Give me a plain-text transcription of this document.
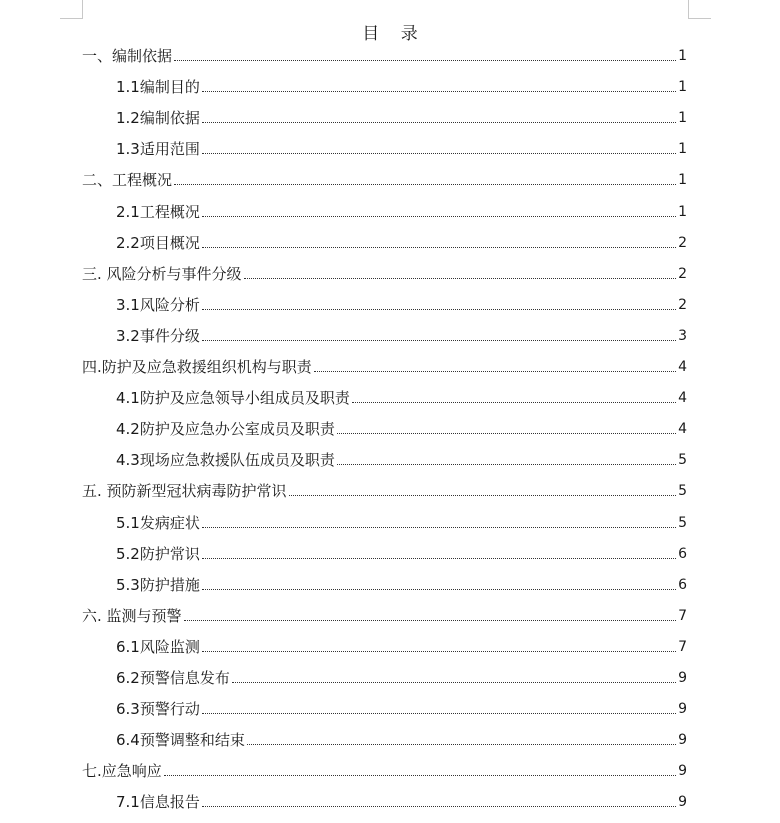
目 录
一、编制依据	1
1.1编制目的	1
1.2编制依据	1
1.3适用范围	1
二、工程概况	1
2.1工程概况	1
2.2项目概况	2
三. 风险分析与事件分级	2
3.1风险分析	2
3.2事件分级	3
四.防护及应急救援组织机构与职责	4
4.1防护及应急领导小组成员及职责	4
4.2防护及应急办公室成员及职责	4
4.3现场应急救援队伍成员及职责	5
五. 预防新型冠状病毒防护常识	5
5.1发病症状	5
5.2防护常识	6
5.3防护措施	6
六. 监测与预警	7
6.1风险监测	7
6.2预警信息发布	9
6.3预警行动	9
6.4预警调整和结束	9
七.应急响应	9
7.1信息报告	9
